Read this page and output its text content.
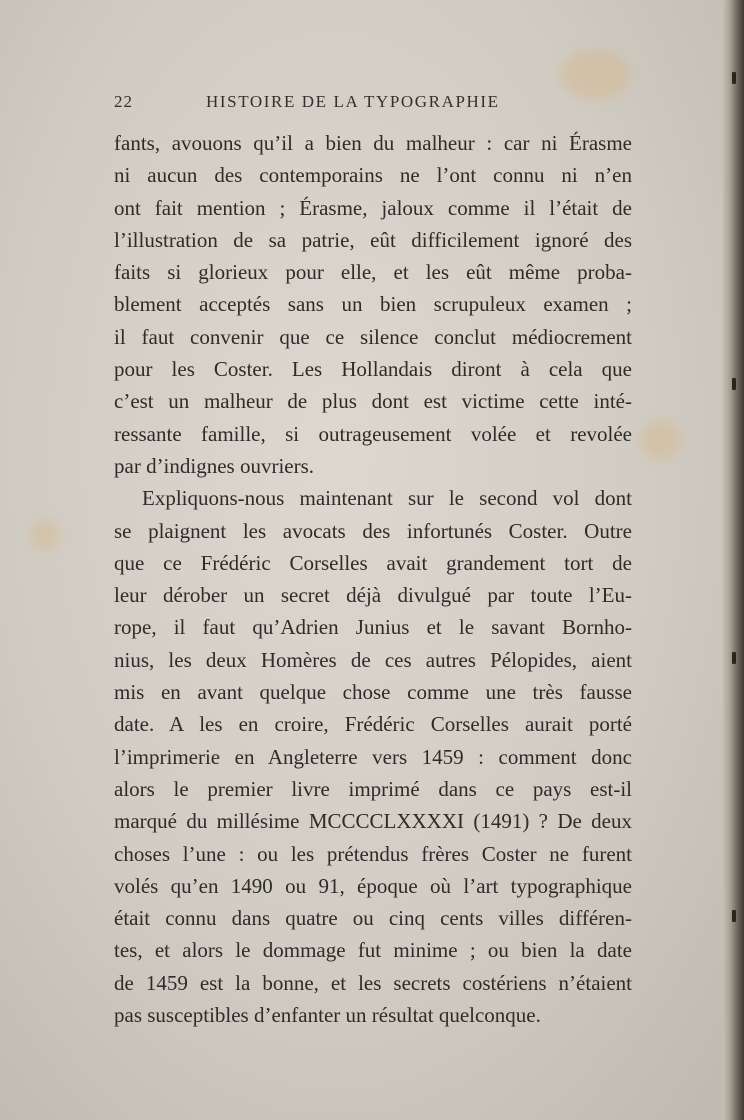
22	HISTOIRE DE LA TYPOGRAPHIE
fants, avouons qu’il a bien du malheur : car ni Érasme
ni aucun des contemporains ne l’ont connu ni n’en
ont fait mention ; Érasme, jaloux comme il l’était de
l’illustration de sa patrie, eût difficilement ignoré des
faits si glorieux pour elle, et les eût même proba-
blement acceptés sans un bien scrupuleux examen ;
il faut convenir que ce silence conclut médiocrement
pour les Coster. Les Hollandais diront à cela que
c’est un malheur de plus dont est victime cette inté-
ressante famille, si outrageusement volée et revolée
par d’indignes ouvriers.
Expliquons-nous maintenant sur le second vol dont
se plaignent les avocats des infortunés Coster. Outre
que ce Frédéric Corselles avait grandement tort de
leur dérober un secret déjà divulgué par toute l’Eu-
rope, il faut qu’Adrien Junius et le savant Bornho-
nius, les deux Homères de ces autres Pélopides, aient
mis en avant quelque chose comme une très fausse
date. A les en croire, Frédéric Corselles aurait porté
l’imprimerie en Angleterre vers 1459 : comment donc
alors le premier livre imprimé dans ce pays est-il
marqué du millésime MCCCCLXXXXI (1491) ? De deux
choses l’une : ou les prétendus frères Coster ne furent
volés qu’en 1490 ou 91, époque où l’art typographique
était connu dans quatre ou cinq cents villes différen-
tes, et alors le dommage fut minime ; ou bien la date
de 1459 est la bonne, et les secrets costériens n’étaient
pas susceptibles d’enfanter un résultat quelconque.
